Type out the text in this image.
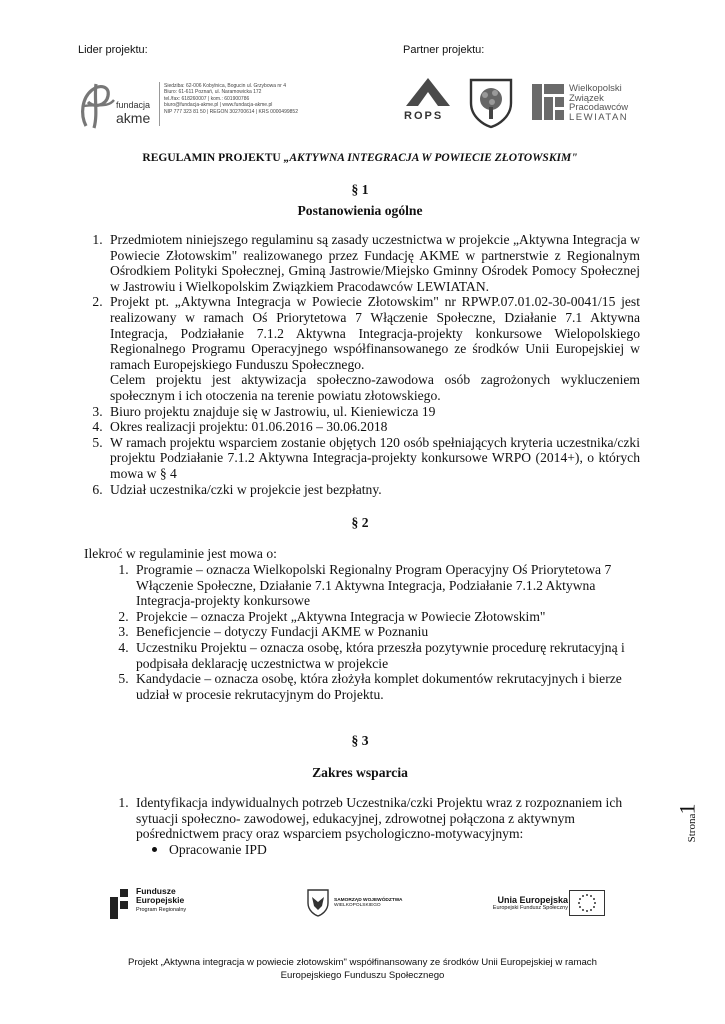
Lider projektu:	Partner projektu:
fundacja
akme
Siedziba: 62-006 Kobylnica, Bogucin ul. Grzybowa nr 4
Biuro: 61-611 Poznań, ul. Naramowicka 172
tel./fax: 618260007 | kom.: 601900786
biuro@fundacja-akme.pl | www.fundacja-akme.pl
NIP 777 323 81 50 | REGON 302700614 | KRS 0000499852	ROPS
Wielkopolski
Związek
Pracodawców
LEWIATAN
REGULAMIN PROJEKTU „AKTYWNA INTEGRACJA W POWIECIE ZŁOTOWSKIM"
§ 1
Postanowienia ogólne
1. Przedmiotem niniejszego regulaminu są zasady uczestnictwa w projekcie „Aktywna Integracja w Powiecie Złotowskim" realizowanego przez Fundację AKME w partnerstwie z Regionalnym Ośrodkiem Polityki Społecznej, Gminą Jastrowie/Miejsko Gminny Ośrodek Pomocy Społecznej w Jastrowiu i Wielkopolskim Związkiem Pracodawców LEWIATAN.
2. Projekt pt. „Aktywna Integracja w Powiecie Złotowskim" nr RPWP.07.01.02-30-0041/15 jest realizowany w ramach Oś Priorytetowa 7 Włączenie Społeczne, Działanie 7.1 Aktywna Integracja, Podziałanie 7.1.2 Aktywna Integracja-projekty konkursowe Wielopolskiego Regionalnego Programu Operacyjnego współfinansowanego ze środków Unii Europejskiej w ramach Europejskiego Funduszu Społecznego.
Celem projektu jest aktywizacja społeczno-zawodowa osób zagrożonych wykluczeniem społecznym i ich otoczenia na terenie powiatu złotowskiego.
3. Biuro projektu znajduje się w Jastrowiu, ul. Kieniewicza 19
4. Okres realizacji projektu: 01.06.2016 – 30.06.2018
5. W ramach projektu wsparciem zostanie objętych 120 osób spełniających kryteria uczestnika/czki projektu Podziałanie 7.1.2 Aktywna Integracja-projekty konkursowe WRPO (2014+), o których mowa w § 4
6. Udział uczestnika/czki w projekcie jest bezpłatny.
§ 2
Ilekroć w regulaminie jest mowa o:
1. Programie – oznacza Wielkopolski Regionalny Program Operacyjny Oś Priorytetowa 7 Włączenie Społeczne, Działanie 7.1 Aktywna Integracja, Podziałanie 7.1.2 Aktywna Integracja-projekty konkursowe
2. Projekcie – oznacza Projekt „Aktywna Integracja w Powiecie Złotowskim"
3. Beneficjencie – dotyczy Fundacji AKME w Poznaniu
4. Uczestniku Projektu – oznacza osobę, która przeszła pozytywnie procedurę rekrutacyjną i podpisała deklarację uczestnictwa w projekcie
5. Kandydacie – oznacza osobę, która złożyła komplet dokumentów rekrutacyjnych i bierze udział w procesie rekrutacyjnym do Projektu.
§ 3
Zakres wsparcia
1. Identyfikacja indywidualnych potrzeb Uczestnika/czki Projektu wraz z rozpoznaniem ich sytuacji społeczno- zawodowej, edukacyjnej, zdrowotnej połączona z aktywnym pośrednictwem pracy oraz wsparciem psychologiczno-motywacyjnym:
Opracowanie IPD
Strona
1
Fundusze
Europejskie
Program Regionalny
SAMORZĄD WOJEWÓDZTWA
WIELKOPOLSKIEGO
Unia Europejska
Europejski Fundusz Społeczny
Projekt „Aktywna integracja w powiecie złotowskim" współfinansowany ze środków Unii Europejskiej w ramach
Europejskiego Funduszu Społecznego
